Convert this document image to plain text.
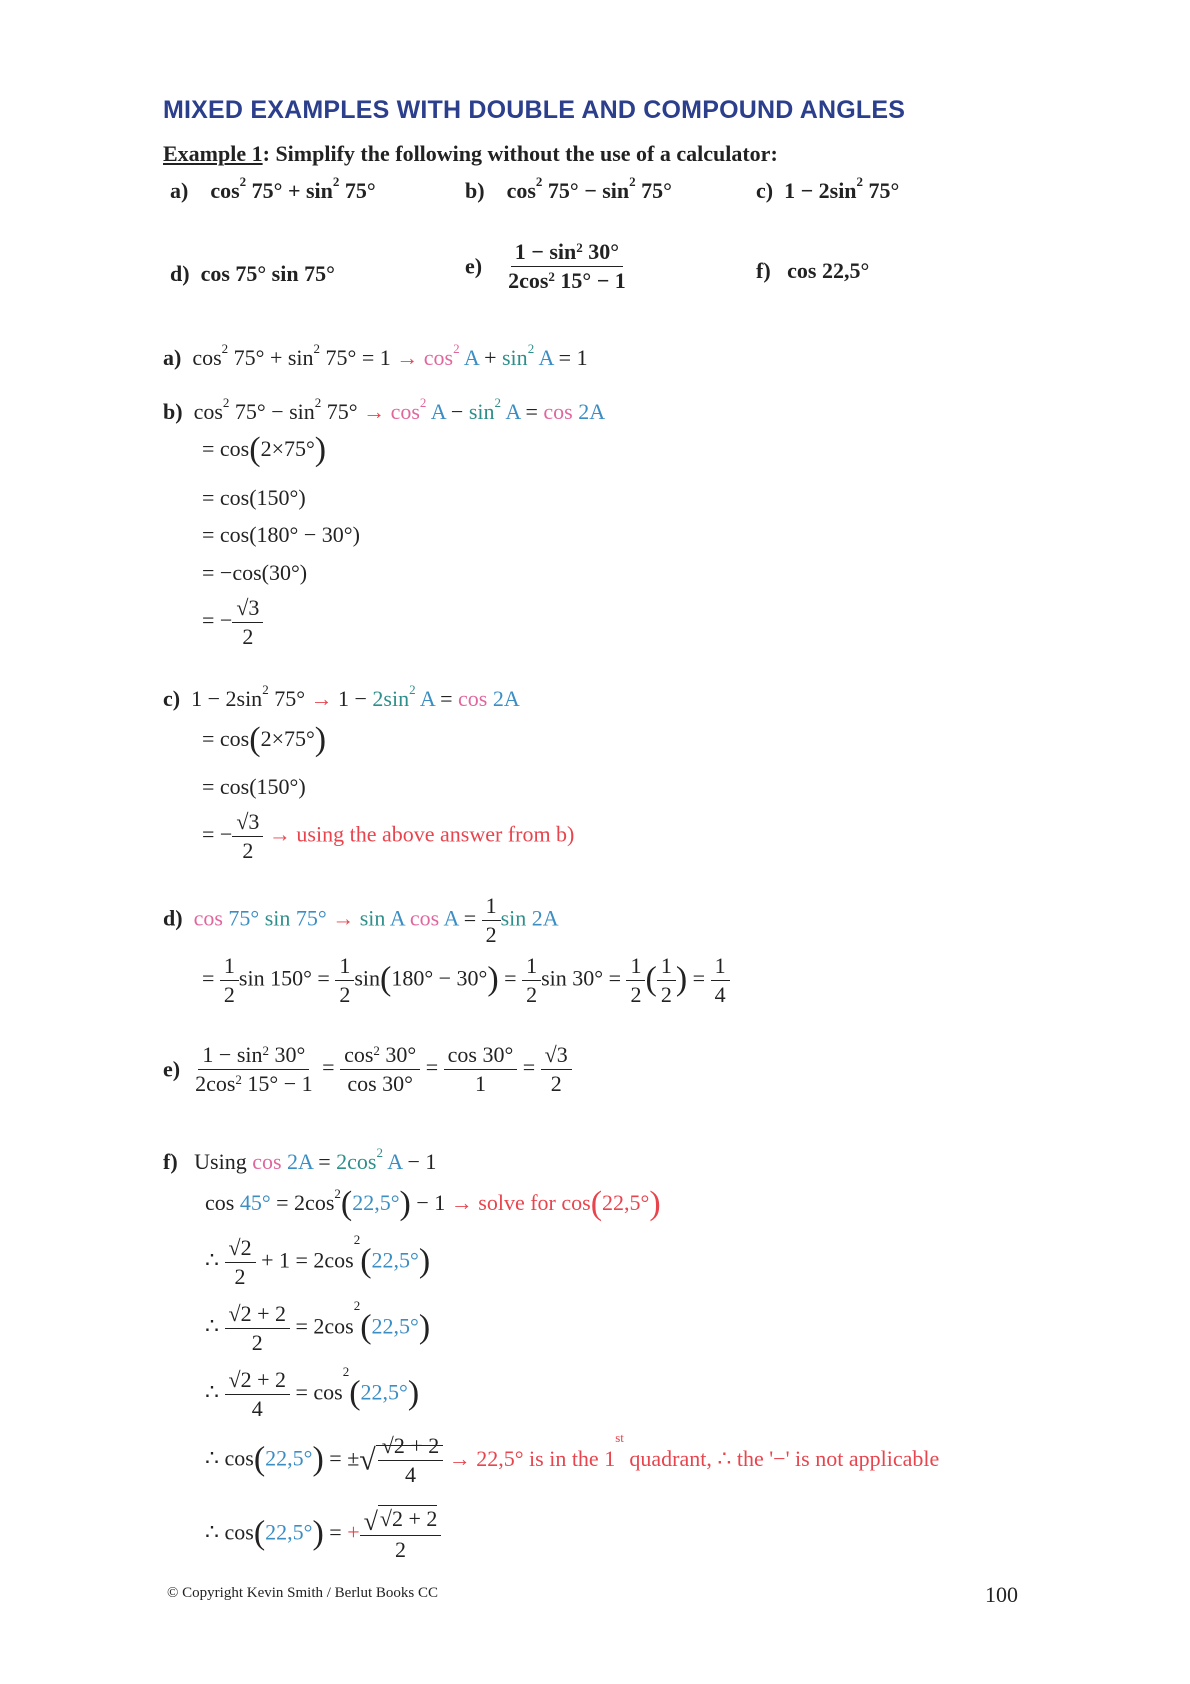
MIXED EXAMPLES WITH DOUBLE AND COMPOUND ANGLES
Example 1: Simplify the following without the use of a calculator:
a)    $\cos^2 75^\circ + \sin^2 75^\circ$	b)    $\cos^2 75^\circ - \sin^2 75^\circ$	c)  $1 - 2\sin^2$ 75°
d) cos 75° sin 75°	$e) \frac{1 - \sin^2 30^\circ}{2\cos^2 15^\circ - 1}$	f) cos 22,5°
a)  $\cos^2 75^\circ + \sin^2 75^\circ = 1 \to \cos^2 A + \sin^2 A = 1$
b)  $\cos^2 75^\circ - \sin^2 75^\circ \to \cos^2 A - \sin^2 A = \cos 2A$
= cos(2×75°)
= cos(150°)
= cos(180° − 30°)
= −cos(30°)
= − $\frac{√3}{2}$
c)  $1 - 2\sin^2$ $75^\circ \to 1 - 2\sin^2$ A = cos 2A
= cos(2×75°)
= cos(150°)
= − $\frac{√3}{2} \to using$ the above answer from b)
d) cos 75° sin 75° → sin A $\cos A = \frac{1}{2}$ sin 2A
= $\frac{1}{2}$ $\sin 150^\circ = \frac{1}{2} \sin(180^\circ - 30^\circ) = \frac{1}{2}$ $\sin 30^\circ = \frac{1}{2}$ ( $\frac{1}{2}$ ) = $\frac{1}{4}$
$e) \frac{1 - \sin^2 30^\circ}{2\cos^2 15^\circ - 1} = \frac{\cos^2 30^\circ}{\cos 30^\circ} = \frac{\cos 30^\circ}{1} = \frac{√3}{2}$
f) Using $\cos 2A = 2\cos^2$ A − 1
$\cos 45^\circ = 2\cos^2(22,5^\circ) - 1$ → solve for cos(22,5°)
∴ $\frac{√2}{2} + 1 = 2\cos^2(22,5^\circ)$
∴ $\frac{√2 + 2}{2} = 2\cos^2(22,5^\circ)$
∴ $\frac{√2 + 2}{4} = \cos^2(22,5^\circ)$
∴ cos(22,5°) = ±√ $\frac{√2 + 2}{4} \to 22,5^\circ$ is in the 1st quadrant, ∴ the '−' is not applicable
∴ cos(22,5°) = + $\frac{√√2 + 2}{2}$
© Copyright Kevin Smith / Berlut Books CC	100
